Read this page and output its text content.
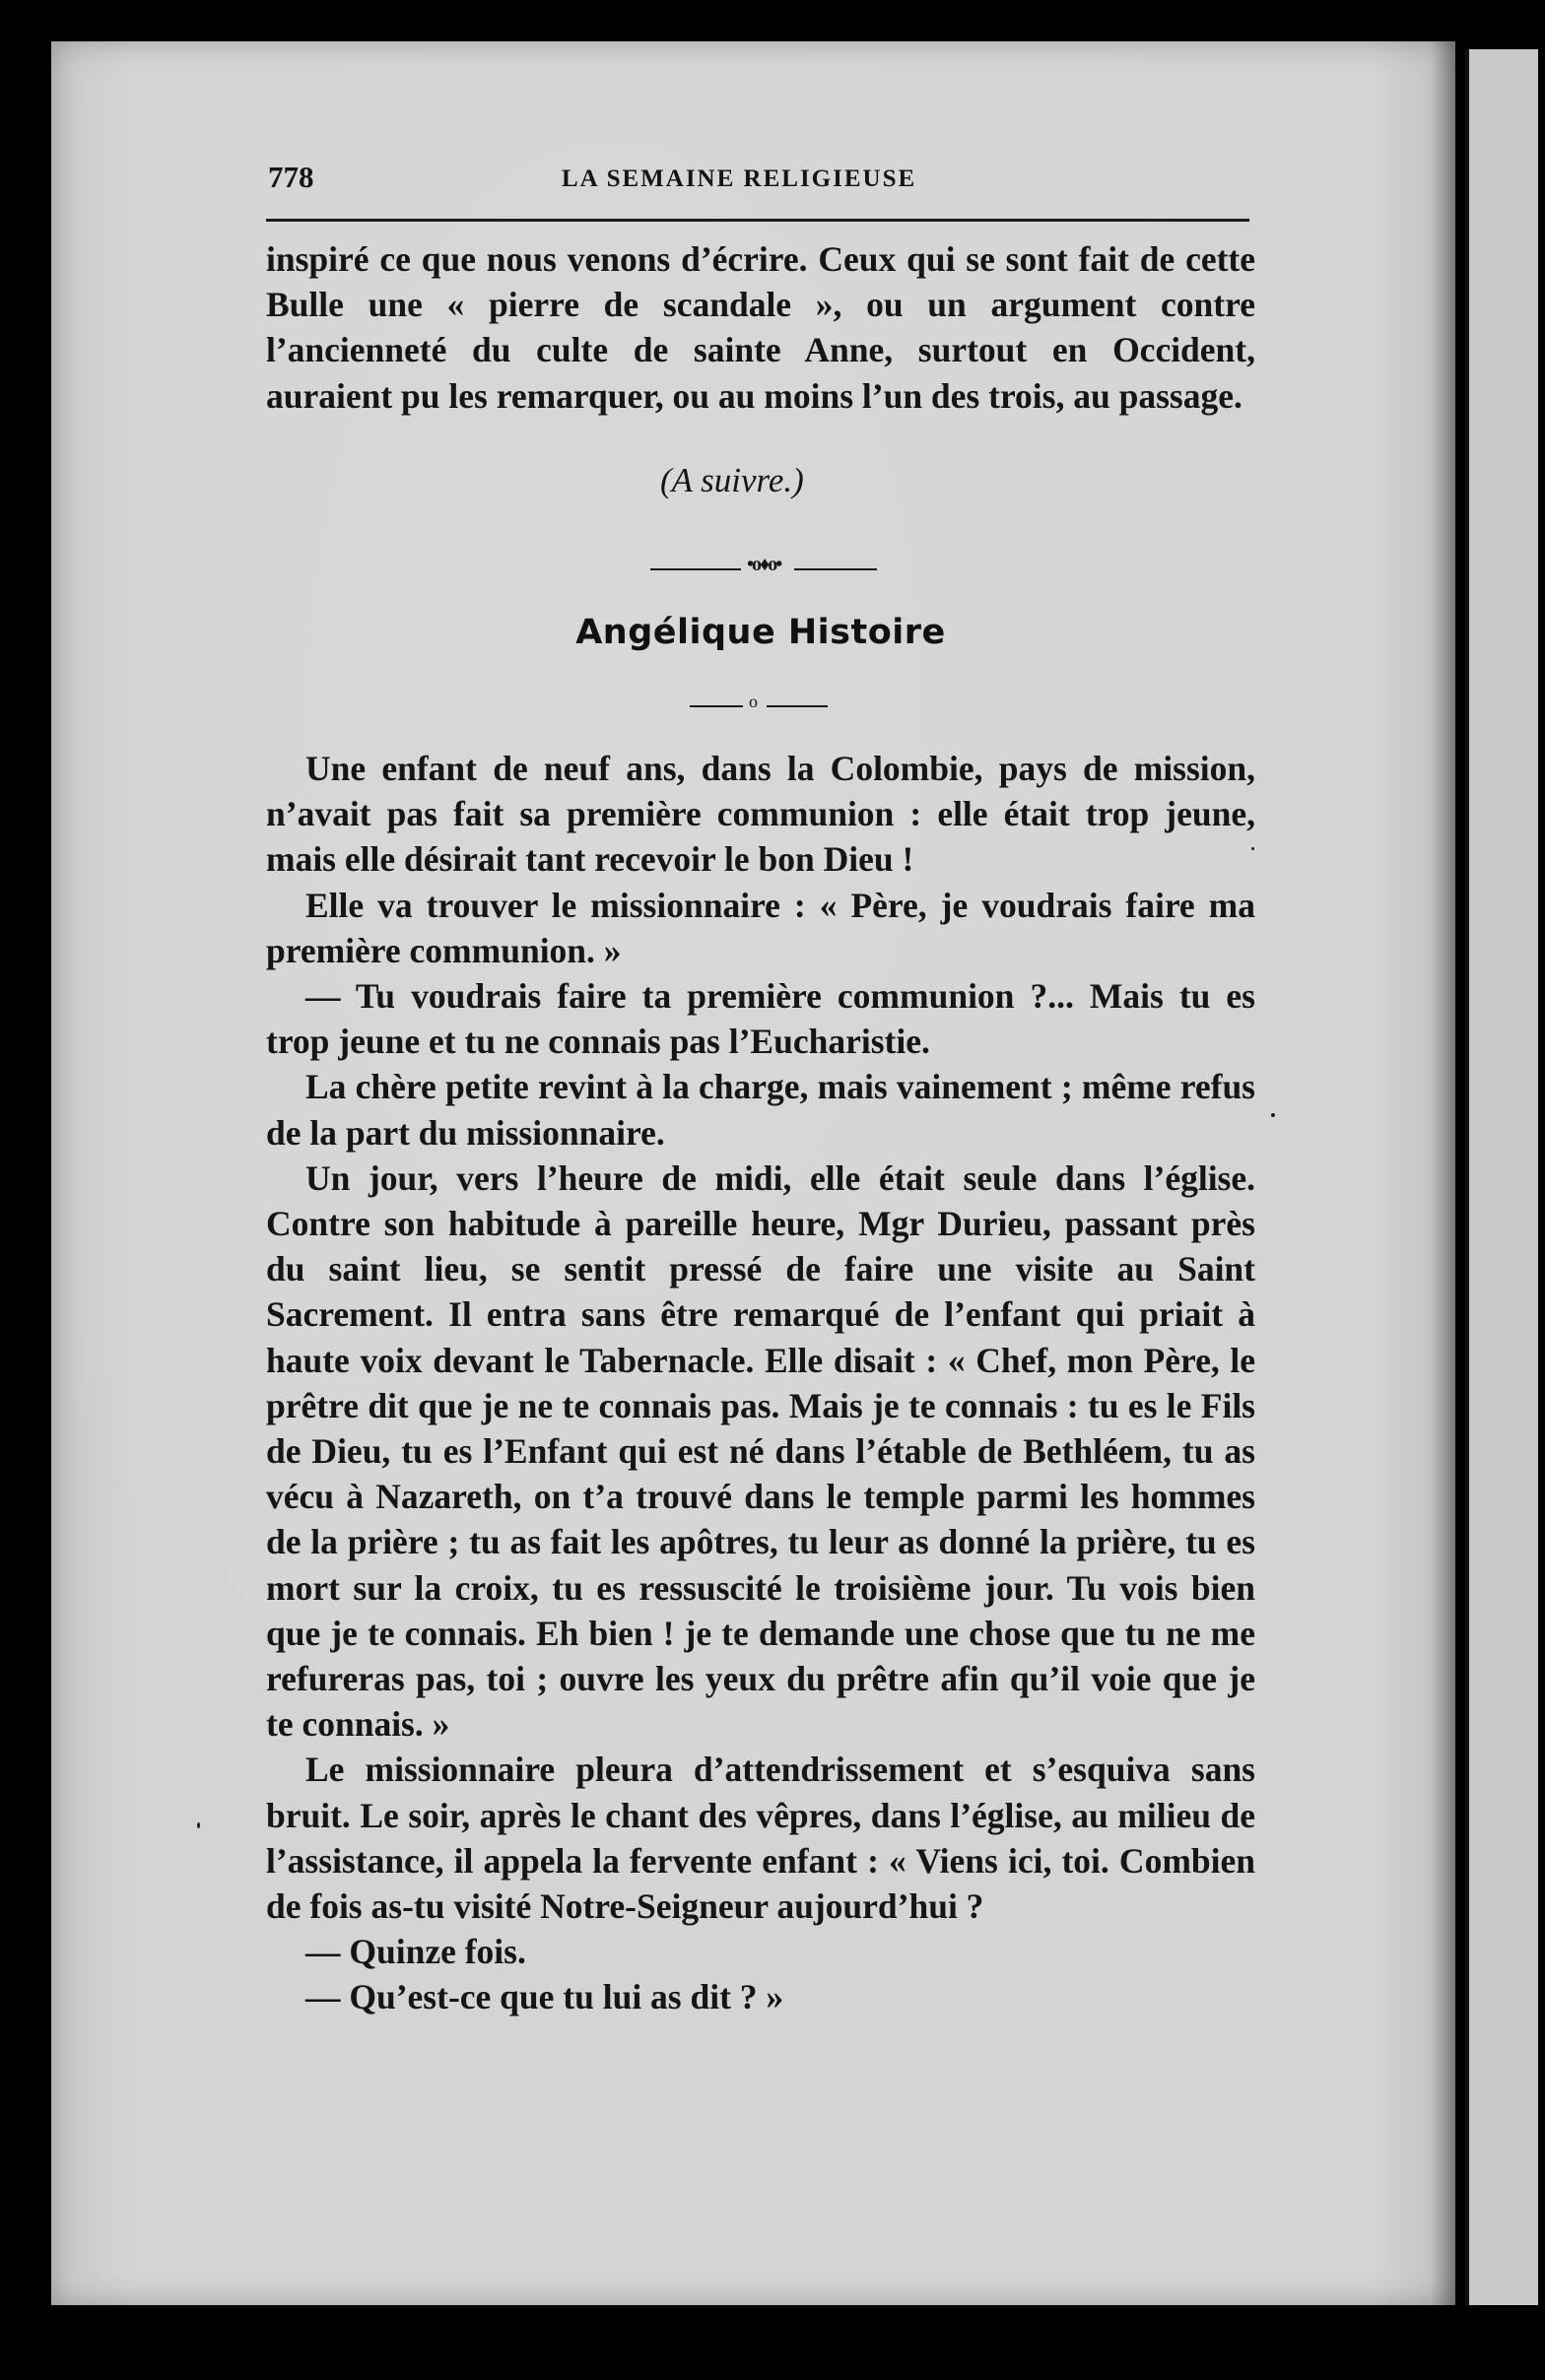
778	LA SEMAINE RELIGIEUSE

inspiré ce que nous venons d’écrire. Ceux qui se sont fait de cette Bulle une « pierre de scandale », ou un argument contre l’ancienneté du culte de sainte Anne, surtout en Occident, auraient pu les remarquer, ou au moins l’un des trois, au passage.

(A suivre.)
•o♦o•
Angélique Histoire
o

Une enfant de neuf ans, dans la Colombie, pays de mission, n’avait pas fait sa première communion : elle était trop jeune, mais elle désirait tant recevoir le bon Dieu !

Elle va trouver le missionnaire : « Père, je voudrais faire ma première communion. »

— Tu voudrais faire ta première communion ?... Mais tu es trop jeune et tu ne connais pas l’Eucharistie.

La chère petite revint à la charge, mais vainement ; même refus de la part du missionnaire.

Un jour, vers l’heure de midi, elle était seule dans l’église. Contre son habitude à pareille heure, Mgr Durieu, passant près du saint lieu, se sentit pressé de faire une visite au Saint Sacrement. Il entra sans être remarqué de l’enfant qui priait à haute voix devant le Tabernacle. Elle disait : « Chef, mon Père, le prêtre dit que je ne te connais pas. Mais je te connais : tu es le Fils de Dieu, tu es l’Enfant qui est né dans l’étable de Bethléem, tu as vécu à Nazareth, on t’a trouvé dans le temple parmi les hommes de la prière ; tu as fait les apôtres, tu leur as donné la prière, tu es mort sur la croix, tu es ressuscité le troisième jour. Tu vois bien que je te connais. Eh bien ! je te demande une chose que tu ne me refureras pas, toi ; ouvre les yeux du prêtre afin qu’il voie que je te connais. »

Le missionnaire pleura d’attendrissement et s’esquiva sans bruit. Le soir, après le chant des vêpres, dans l’église, au milieu de l’assistance, il appela la fervente enfant : « Viens ici, toi. Combien de fois as-tu visité Notre-Seigneur aujourd’hui ?

— Quinze fois.

— Qu’est-ce que tu lui as dit ? »
